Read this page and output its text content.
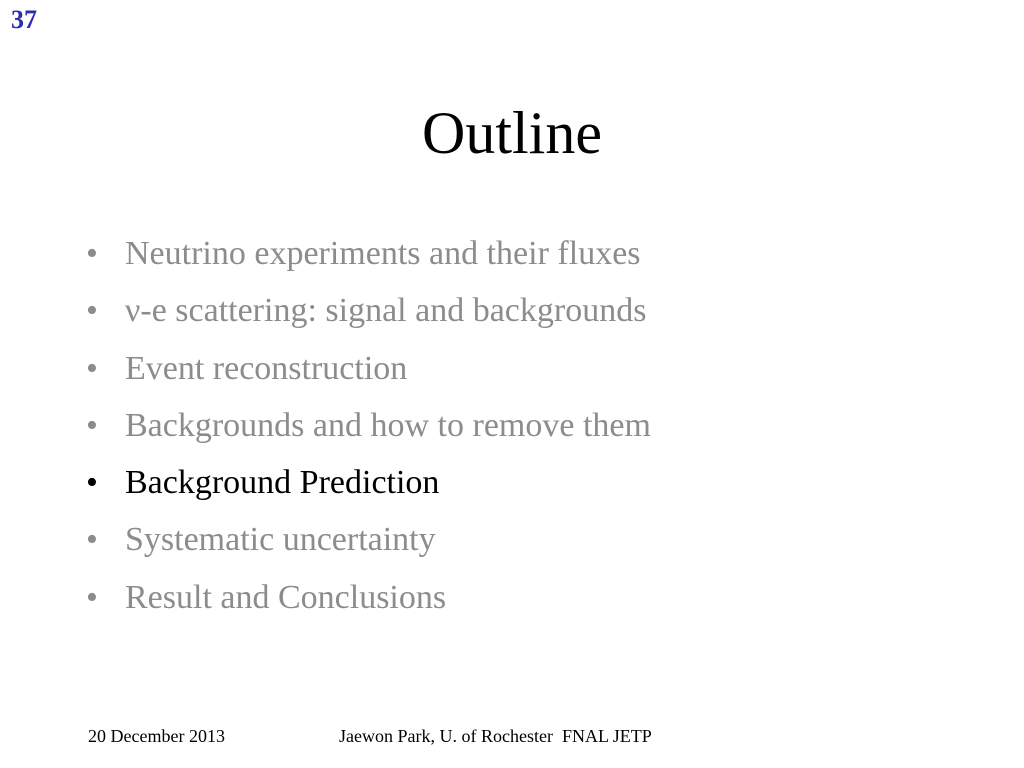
37
Outline
• Neutrino experiments and their fluxes
• ν-e scattering: signal and backgrounds
• Event reconstruction
• Backgrounds and how to remove them
• Background Prediction
• Systematic uncertainty
• Result and Conclusions
20 December 2013	Jaewon Park, U. of Rochester  FNAL JETP
